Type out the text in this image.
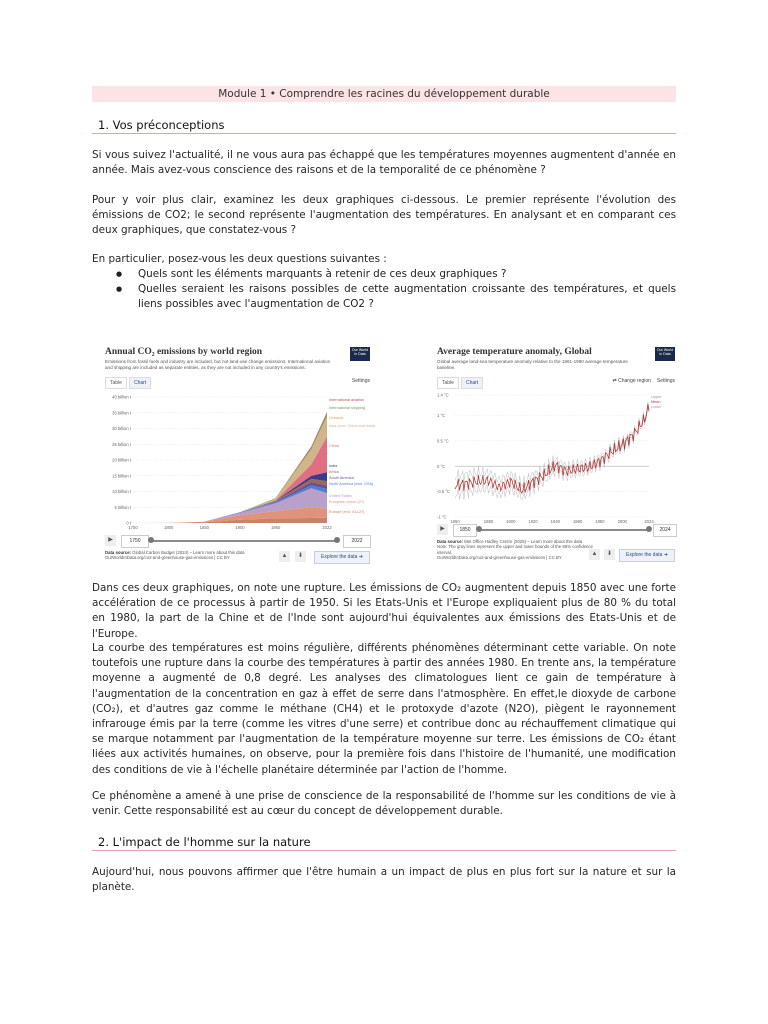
Module 1 • Comprendre les racines du développement durable
1. Vos préconceptions

Si vous suivez l'actualité, il ne vous aura pas échappé que les températures moyennes augmentent d'année en année. Mais avez-vous conscience des raisons et de la temporalité de ce phénomène ?

Pour y voir plus clair, examinez les deux graphiques ci-dessous. Le premier représente l'évolution des émissions de CO2; le second représente l'augmentation des températures. En analysant et en comparant ces deux graphiques, que constatez-vous ?

En particulier, posez-vous les deux questions suivantes :

● Quels sont les éléments marquants à retenir de ces deux graphiques ?
● Quelles seraient les raisons possibles de cette augmentation croissante des températures, et quels liens possibles avec l'augmentation de CO2 ?
Annual CO₂ emissions by world region
Emissions from fossil fuels and industry are included, but not land-use change emissions. International aviation and shipping are included as separate entities, as they are not included in any country's emissions.
Our World in Data
Table Chart	Settings
0 t
5 billion t
10 billion t
15 billion t
20 billion t
25 billion t
30 billion t
35 billion t
40 billion t
1750	1800	1850	1900	1950	2022
International aviation
International shipping
Oceania
Asia (excl. China and India)
China
India
Africa
South America
North America (excl. USA)
United States
European Union (27)
Europe (excl. EU-27)
▶	1750	2022
Data source: Global Carbon Budget (2024) – Learn more about this data
OurWorldInData.org/co2-and-greenhouse-gas-emissions | CC BY	▲	⬇	Explore the data ➜
Average temperature anomaly, Global
Global average land-sea temperature anomaly relative to the 1961-1990 average temperature baseline.
Our World in Data
Table Chart	⇄ Change region Settings
-1 °C
-0.5 °C
0 °C
0.5 °C
1 °C
1.4 °C
1850	1880	1900	1920	1940	1960	1980	2000	2024
Upper
Mean
Lower
▶	1850	2024
Data source: Met Office Hadley Centre (2025) – Learn more about this data
Note: The gray lines represent the upper and lower bounds of the 95% confidence interval.
OurWorldInData.org/co2-and-greenhouse-gas-emissions | CC BY
▲	⬇	Explore the data ➜

Dans ces deux graphiques, on note une rupture. Les émissions de CO₂ augmentent depuis 1850 avec une forte accélération de ce processus à partir de 1950. Si les Etats-Unis et l'Europe expliquaient plus de 80 % du total en 1980, la part de la Chine et de l'Inde sont aujourd'hui équivalentes aux émissions des Etats-Unis et de l'Europe.

La courbe des températures est moins régulière, différents phénomènes déterminant cette variable. On note toutefois une rupture dans la courbe des températures à partir des années 1980. En trente ans, la température moyenne a augmenté de 0,8 degré. Les analyses des climatologues lient ce gain de température à l'augmentation de la concentration en gaz à effet de serre dans l'atmosphère. En effet,le dioxyde de carbone (CO₂), et d'autres gaz comme le méthane (CH4) et le protoxyde d'azote (N2O), piègent le rayonnement infrarouge émis par la terre (comme les vitres d'une serre) et contribue donc au réchauffement climatique qui se marque notamment par l'augmentation de la température moyenne sur terre. Les émissions de CO₂ étant liées aux activités humaines, on observe, pour la première fois dans l'histoire de l'humanité, une modification des conditions de vie à l'échelle planétaire déterminée par l'action de l'homme.

Ce phénomène a amené à une prise de conscience de la responsabilité de l'homme sur les conditions de vie à venir. Cette responsabilité est au cœur du concept de développement durable.

2. L'impact de l'homme sur la nature

Aujourd'hui, nous pouvons affirmer que l'être humain a un impact de plus en plus fort sur la nature et sur la planète.
